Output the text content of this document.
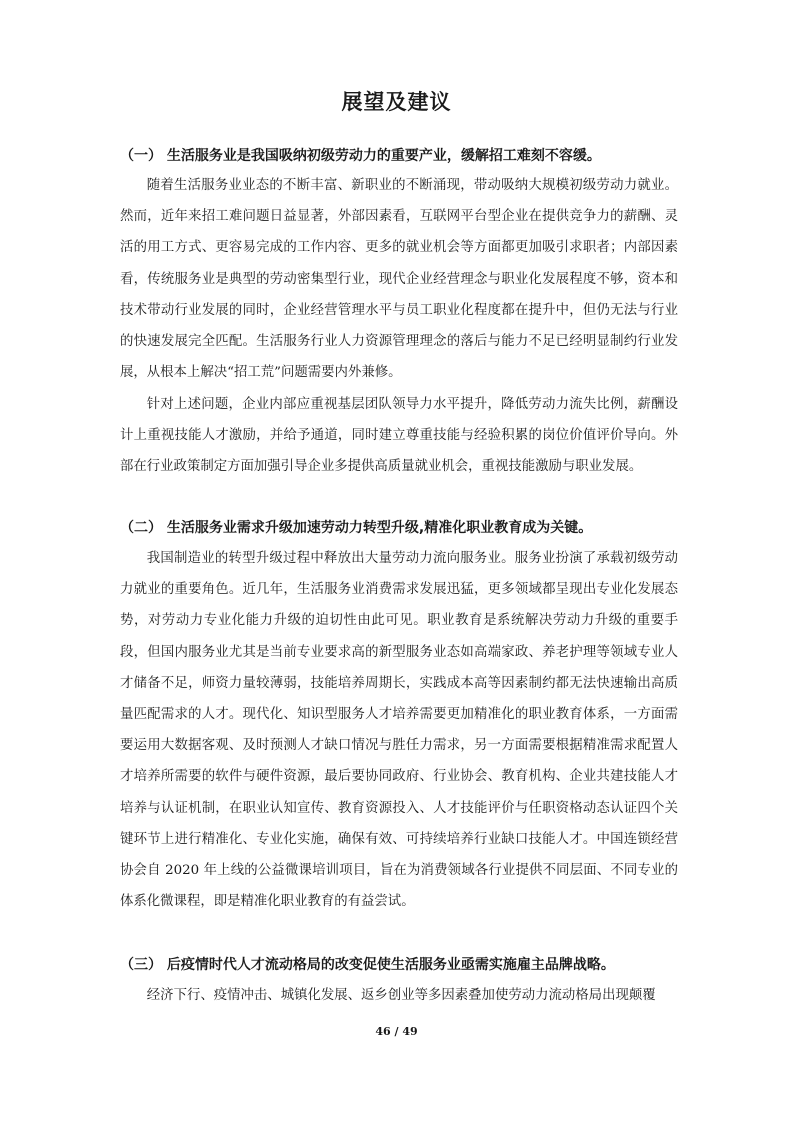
展望及建议
（一） 生活服务业是我国吸纳初级劳动力的重要产业，缓解招工难刻不容缓。

随着生活服务业业态的不断丰富、新职业的不断涌现，带动吸纳大规模初级劳动力就业。然而，近年来招工难问题日益显著，外部因素看，互联网平台型企业在提供竞争力的薪酬、灵活的用工方式、更容易完成的工作内容、更多的就业机会等方面都更加吸引求职者；内部因素看，传统服务业是典型的劳动密集型行业，现代企业经营理念与职业化发展程度不够，资本和技术带动行业发展的同时，企业经营管理水平与员工职业化程度都在提升中，但仍无法与行业的快速发展完全匹配。生活服务行业人力资源管理理念的落后与能力不足已经明显制约行业发展，从根本上解决“招工荒”问题需要内外兼修。

针对上述问题，企业内部应重视基层团队领导力水平提升，降低劳动力流失比例，薪酬设计上重视技能人才激励，并给予通道，同时建立尊重技能与经验积累的岗位价值评价导向。外部在行业政策制定方面加强引导企业多提供高质量就业机会，重视技能激励与职业发展。

（二） 生活服务业需求升级加速劳动力转型升级,精准化职业教育成为关键。

我国制造业的转型升级过程中释放出大量劳动力流向服务业。服务业扮演了承载初级劳动力就业的重要角色。近几年，生活服务业消费需求发展迅猛，更多领域都呈现出专业化发展态势，对劳动力专业化能力升级的迫切性由此可见。职业教育是系统解决劳动力升级的重要手段，但国内服务业尤其是当前专业要求高的新型服务业态如高端家政、养老护理等领域专业人才储备不足，师资力量较薄弱，技能培养周期长，实践成本高等因素制约都无法快速输出高质量匹配需求的人才。现代化、知识型服务人才培养需要更加精准化的职业教育体系，一方面需要运用大数据客观、及时预测人才缺口情况与胜任力需求，另一方面需要根据精准需求配置人才培养所需要的软件与硬件资源，最后要协同政府、行业协会、教育机构、企业共建技能人才培养与认证机制，在职业认知宣传、教育资源投入、人才技能评价与任职资格动态认证四个关键环节上进行精准化、专业化实施，确保有效、可持续培养行业缺口技能人才。中国连锁经营协会自 2020 年上线的公益微课培训项目，旨在为消费领域各行业提供不同层面、不同专业的体系化微课程，即是精准化职业教育的有益尝试。

（三） 后疫情时代人才流动格局的改变促使生活服务业亟需实施雇主品牌战略。

经济下行、疫情冲击、城镇化发展、返乡创业等多因素叠加使劳动力流动格局出现颠覆

46 / 49
